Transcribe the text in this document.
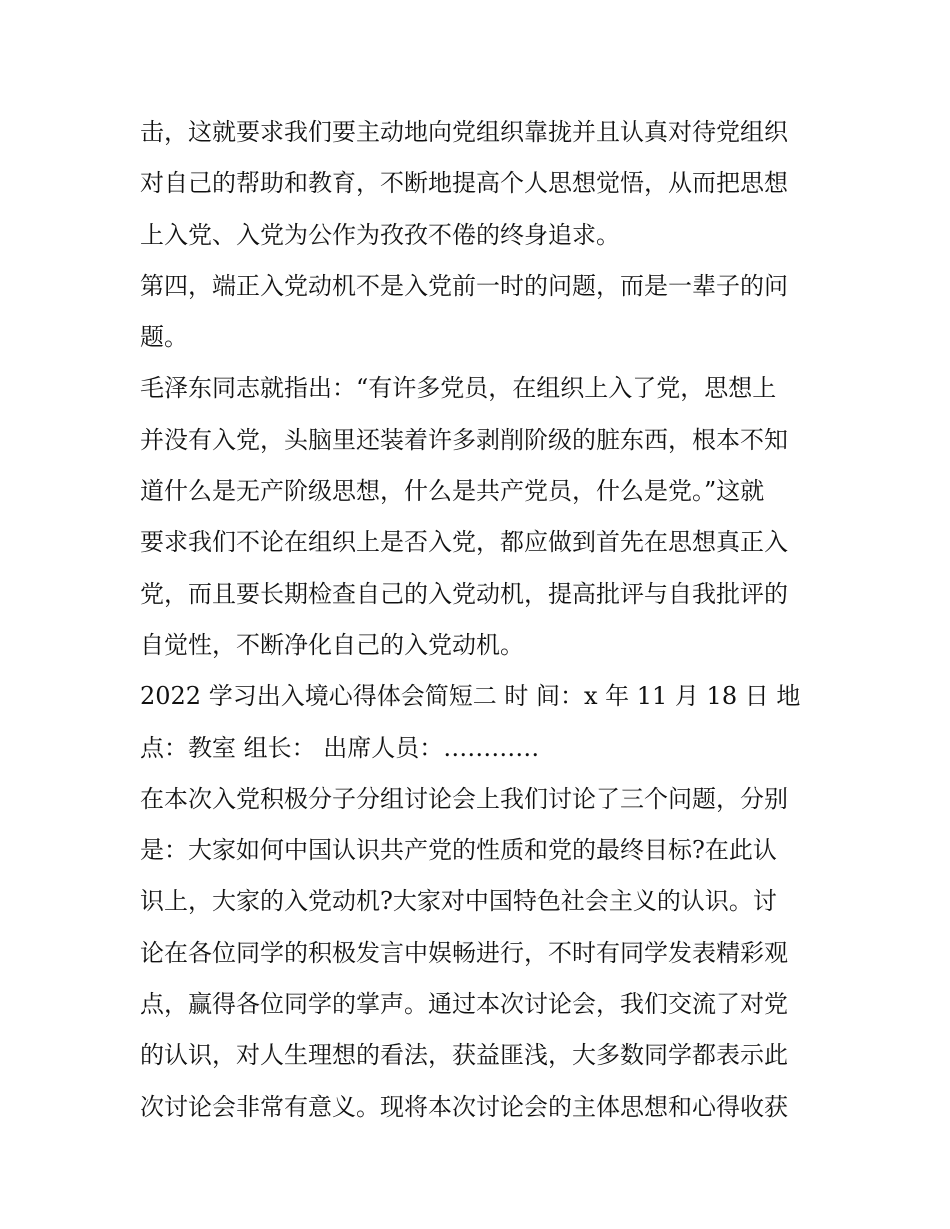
击，这就要求我们要主动地向党组织靠拢并且认真对待党组织
对自己的帮助和教育，不断地提高个人思想觉悟，从而把思想
上入党、入党为公作为孜孜不倦的终身追求。
第四，端正入党动机不是入党前一时的问题，而是一辈子的问
题。
毛泽东同志就指出：“有许多党员，在组织上入了党，思想上
并没有入党，头脑里还装着许多剥削阶级的脏东西，根本不知
道什么是无产阶级思想，什么是共产党员，什么是党。”这就
要求我们不论在组织上是否入党，都应做到首先在思想真正入
党，而且要长期检查自己的入党动机，提高批评与自我批评的
自觉性，不断净化自己的入党动机。
2022 学习出入境心得体会简短二 时 间：x 年 11 月 18 日 地
点：教室 组长： 出席人员：…………
在本次入党积极分子分组讨论会上我们讨论了三个问题，分别
是：大家如何中国认识共产党的性质和党的最终目标?在此认
识上，大家的入党动机?大家对中国特色社会主义的认识。讨
论在各位同学的积极发言中娱畅进行，不时有同学发表精彩观
点，赢得各位同学的掌声。通过本次讨论会，我们交流了对党
的认识，对人生理想的看法，获益匪浅，大多数同学都表示此
次讨论会非常有意义。现将本次讨论会的主体思想和心得收获
